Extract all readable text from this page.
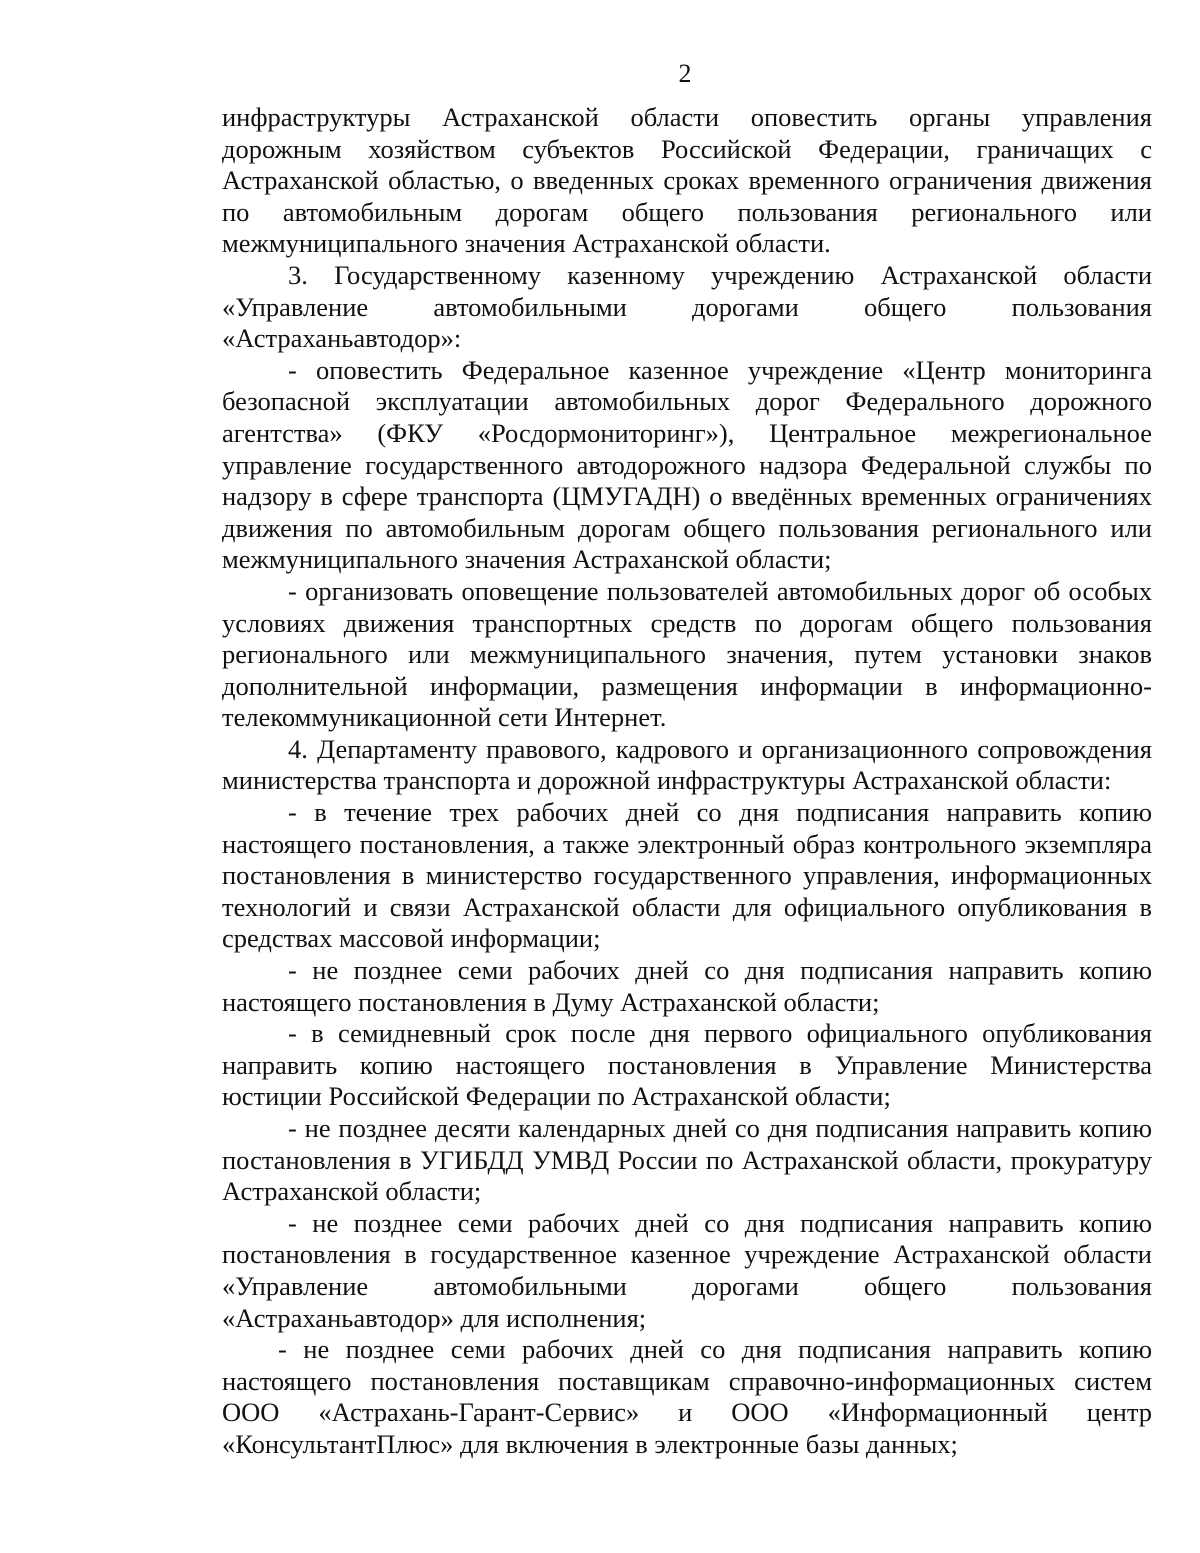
2

инфраструктуры Астраханской области оповестить органы управления дорожным хозяйством субъектов Российской Федерации, граничащих с Астраханской областью, о введенных сроках временного ограничения движения по автомобильным дорогам общего пользования регионального или межмуниципального значения Астраханской области.

3. Государственному казенному учреждению Астраханской области «Управление автомобильными дорогами общего пользования «Астраханьавтодор»:

- оповестить Федеральное казенное учреждение «Центр мониторинга безопасной эксплуатации автомобильных дорог Федерального дорожного агентства» (ФКУ «Росдормониторинг»), Центральное межрегиональное управление государственного автодорожного надзора Федеральной службы по надзору в сфере транспорта (ЦМУГАДН) о введённых временных ограничениях движения по автомобильным дорогам общего пользования регионального или межмуниципального значения Астраханской области;

- организовать оповещение пользователей автомобильных дорог об особых условиях движения транспортных средств по дорогам общего пользования регионального или межмуниципального значения, путем установки знаков дополнительной информации, размещения информации в информационно-телекоммуникационной сети Интернет.

4. Департаменту правового, кадрового и организационного сопровождения министерства транспорта и дорожной инфраструктуры Астраханской области:

- в течение трех рабочих дней со дня подписания направить копию настоящего постановления, а также электронный образ контрольного экземпляра постановления в министерство государственного управления, информационных технологий и связи Астраханской области для официального опубликования в средствах массовой информации;

- не позднее семи рабочих дней со дня подписания направить копию настоящего постановления в Думу Астраханской области;

- в семидневный срок после дня первого официального опубликования направить копию настоящего постановления в Управление Министерства юстиции Российской Федерации по Астраханской области;

- не позднее десяти календарных дней со дня подписания направить копию постановления в УГИБДД УМВД России по Астраханской области, прокуратуру Астраханской области;

- не позднее семи рабочих дней со дня подписания направить копию постановления в государственное казенное учреждение Астраханской области «Управление автомобильными дорогами общего пользования «Астраханьавтодор» для исполнения;

- не позднее семи рабочих дней со дня подписания направить копию настоящего постановления поставщикам справочно-информационных систем ООО «Астрахань-Гарант-Сервис» и ООО «Информационный центр «КонсультантПлюс» для включения в электронные базы данных;
